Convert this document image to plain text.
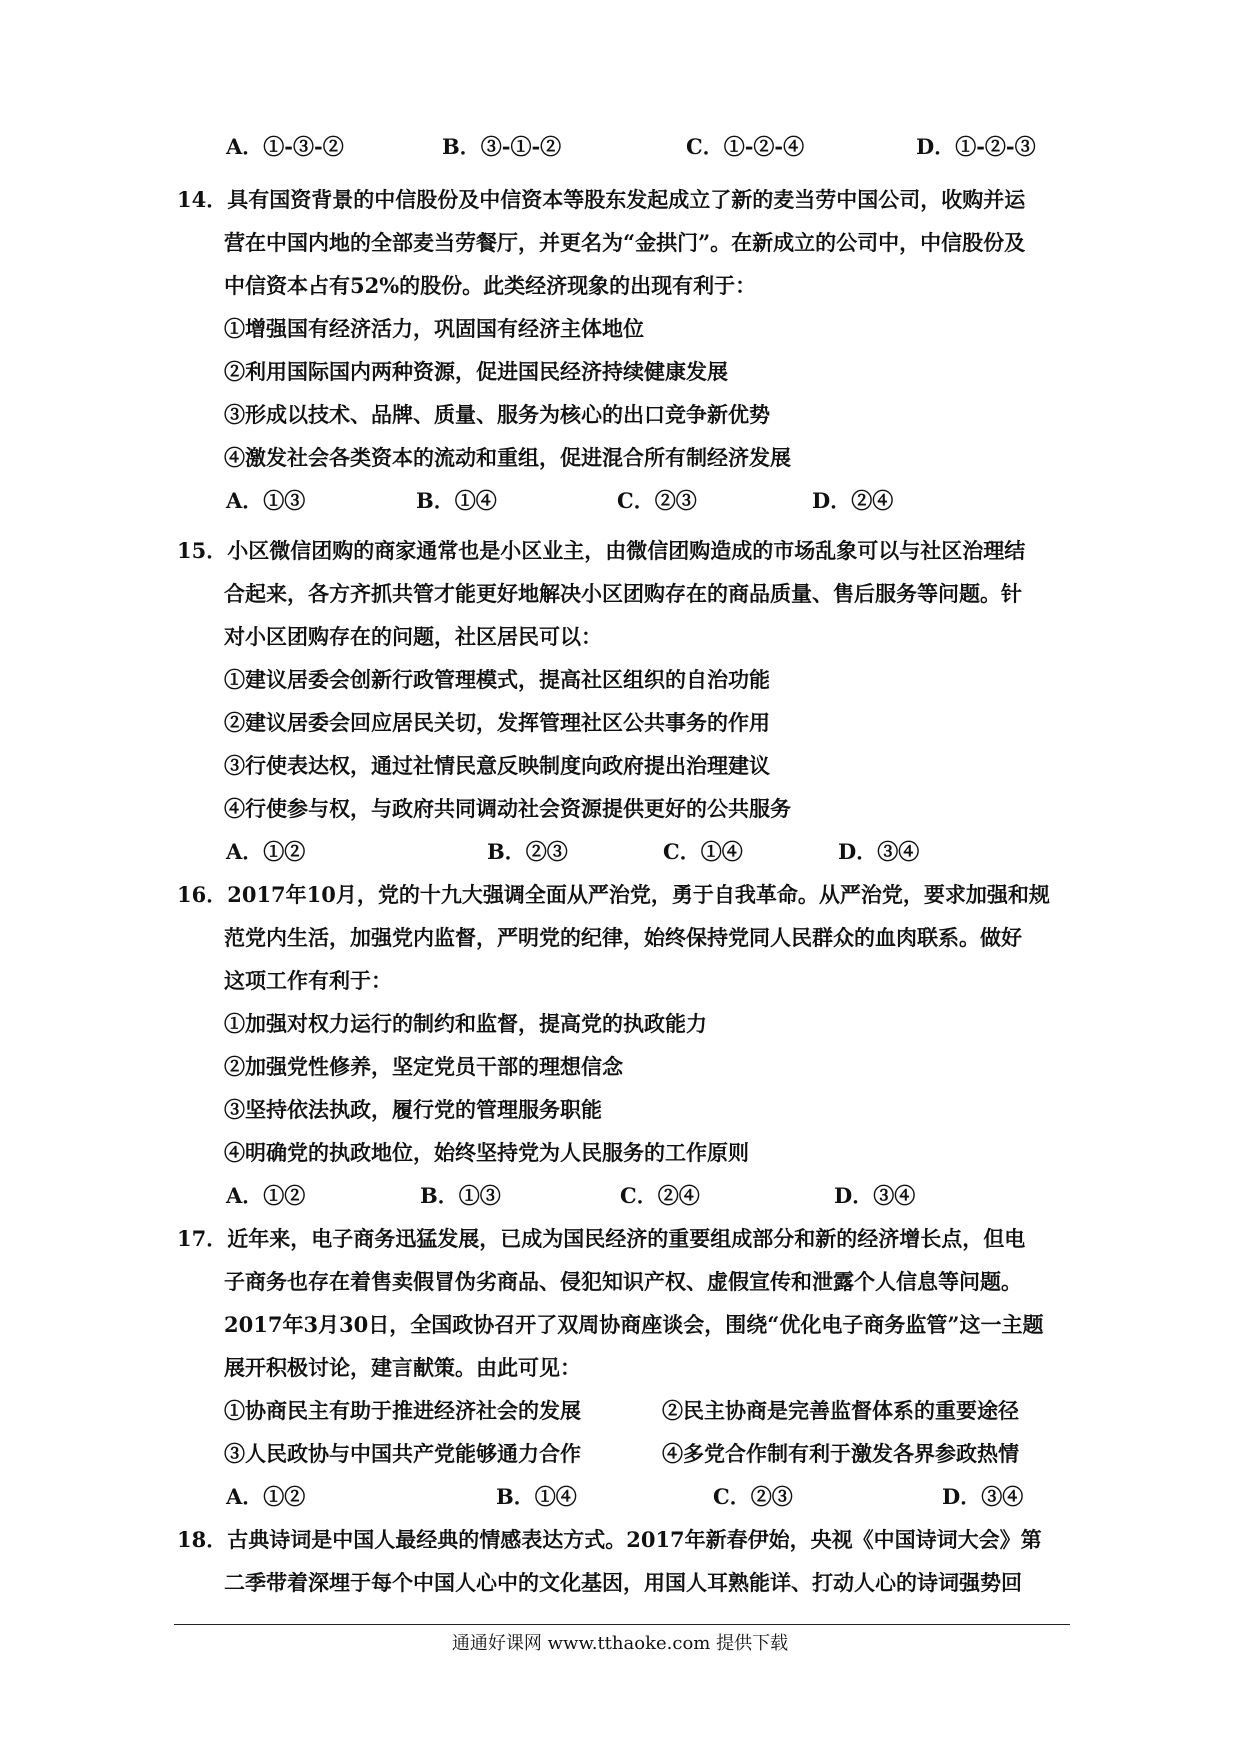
A．①-③-②	B．③-①-②	C．①-②-④	D．①-②-③
14．具有国资背景的中信股份及中信资本等股东发起成立了新的麦当劳中国公司，收购并运
营在中国内地的全部麦当劳餐厅，并更名为“金拱门”。在新成立的公司中，中信股份及
中信资本占有52%的股份。此类经济现象的出现有利于：
①增强国有经济活力，巩固国有经济主体地位
②利用国际国内两种资源，促进国民经济持续健康发展
③形成以技术、品牌、质量、服务为核心的出口竞争新优势
④激发社会各类资本的流动和重组，促进混合所有制经济发展
A．①③	B．①④	C．②③	D．②④
15．小区微信团购的商家通常也是小区业主，由微信团购造成的市场乱象可以与社区治理结
合起来，各方齐抓共管才能更好地解决小区团购存在的商品质量、售后服务等问题。针
对小区团购存在的问题，社区居民可以：
①建议居委会创新行政管理模式，提高社区组织的自治功能
②建议居委会回应居民关切，发挥管理社区公共事务的作用
③行使表达权，通过社情民意反映制度向政府提出治理建议
④行使参与权，与政府共同调动社会资源提供更好的公共服务
A．①②	B．②③	C．①④	D．③④
16．2017年10月，党的十九大强调全面从严治党，勇于自我革命。从严治党，要求加强和规
范党内生活，加强党内监督，严明党的纪律，始终保持党同人民群众的血肉联系。做好
这项工作有利于：
①加强对权力运行的制约和监督，提高党的执政能力
②加强党性修养，坚定党员干部的理想信念
③坚持依法执政，履行党的管理服务职能
④明确党的执政地位，始终坚持党为人民服务的工作原则
A．①②	B．①③	C．②④	D．③④
17．近年来，电子商务迅猛发展，已成为国民经济的重要组成部分和新的经济增长点，但电
子商务也存在着售卖假冒伪劣商品、侵犯知识产权、虚假宣传和泄露个人信息等问题。
2017年3月30日，全国政协召开了双周协商座谈会，围绕“优化电子商务监管”这一主题
展开积极讨论，建言献策。由此可见：
①协商民主有助于推进经济社会的发展	②民主协商是完善监督体系的重要途径
③人民政协与中国共产党能够通力合作	④多党合作制有利于激发各界参政热情
A．①②	B．①④	C．②③	D．③④
18．古典诗词是中国人最经典的情感表达方式。2017年新春伊始，央视《中国诗词大会》第
二季带着深埋于每个中国人心中的文化基因，用国人耳熟能详、打动人心的诗词强势回
通通好课网 www.tthaoke.com 提供下载
